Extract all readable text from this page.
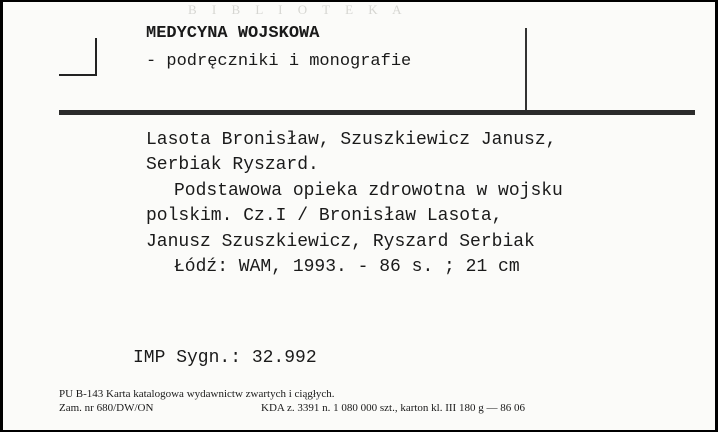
B I B L I O T E K A
MEDYCYNA WOJSKOWA
- podręczniki i monografie
Lasota Bronisław, Szuszkiewicz Janusz,
Serbiak Ryszard.
Podstawowa opieka zdrowotna w wojsku
polskim. Cz.I / Bronisław Lasota,
Janusz Szuszkiewicz, Ryszard Serbiak
Łódź: WAM, 1993. - 86 s. ; 21 cm
IMP Sygn.: 32.992
PU B-143 Karta katalogowa wydawnictw zwartych i ciągłych.
Zam. nr 680/DW/ON	KDA z. 3391 n. 1 080 000 szt., karton kl. III 180 g — 86 06
